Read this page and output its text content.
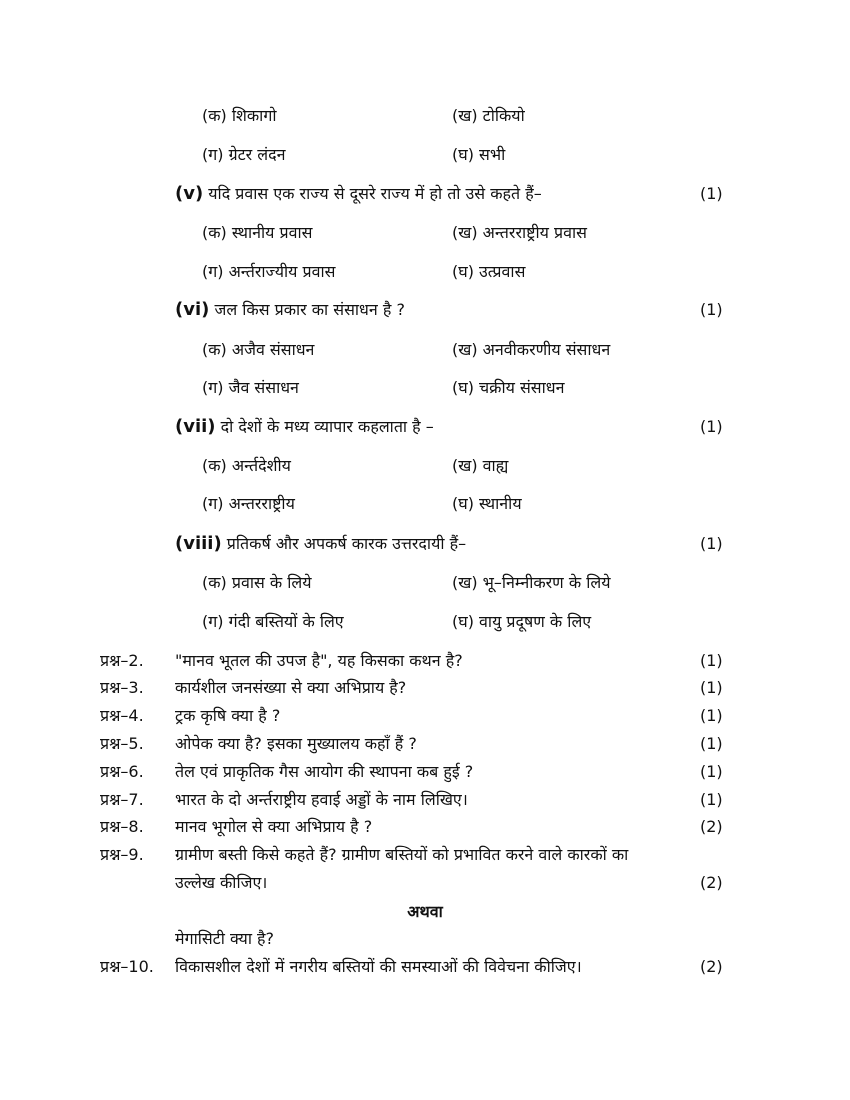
(क) शिकागो	(ख) टोकियो
(ग) ग्रेटर लंदन	(घ) सभी
(v) यदि प्रवास एक राज्य से दूसरे राज्य में हो तो उसे कहते हैं–	(1)
(क) स्थानीय प्रवास	(ख) अन्तरराष्ट्रीय प्रवास
(ग) अर्न्तराज्यीय प्रवास	(घ) उत्प्रवास
(vi) जल किस प्रकार का संसाधन है ?	(1)
(क) अजैव संसाधन	(ख) अनवीकरणीय संसाधन
(ग) जैव संसाधन	(घ) चक्रीय संसाधन
(vii) दो देशों के मध्य व्यापार कहलाता है –	(1)
(क) अर्न्तदेशीय	(ख) वाह्य
(ग) अन्तरराष्ट्रीय	(घ) स्थानीय
(viii) प्रतिकर्ष और अपकर्ष कारक उत्तरदायी हैं–	(1)
(क) प्रवास के लिये	(ख) भू–निम्नीकरण के लिये
(ग) गंदी बस्तियों के लिए	(घ) वायु प्रदूषण के लिए
प्रश्न–2. "मानव भूतल की उपज है", यह किसका कथन है?	(1)
प्रश्न–3. कार्यशील जनसंख्या से क्या अभिप्राय है?	(1)
प्रश्न–4. ट्रक कृषि क्या है ?	(1)
प्रश्न–5. ओपेक क्या है? इसका मुख्यालय कहाँ हैं ?	(1)
प्रश्न–6. तेल एवं प्राकृतिक गैस आयोग की स्थापना कब हुई ?	(1)
प्रश्न–7. भारत के दो अर्न्तराष्ट्रीय हवाई अड्डों के नाम लिखिए।	(1)
प्रश्न–8. मानव भूगोल से क्या अभिप्राय है ?	(2)
प्रश्न–9. ग्रामीण बस्ती किसे कहते हैं? ग्रामीण बस्तियों को प्रभावित करने वाले कारकों का
उल्लेख कीजिए।	(2)
अथवा
मेगासिटी क्या है?
प्रश्न–10. विकासशील देशों में नगरीय बस्तियों की समस्याओं की विवेचना कीजिए।	(2)
